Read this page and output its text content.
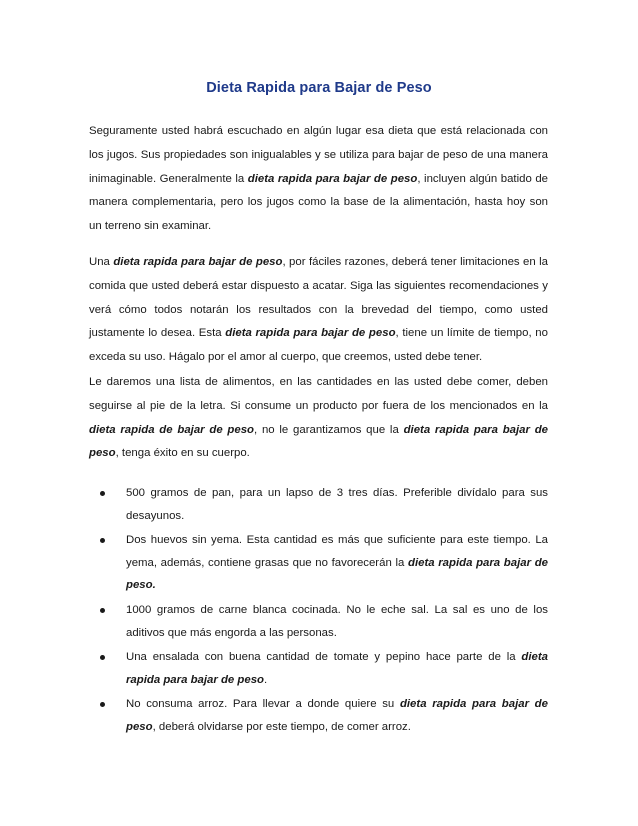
Dieta Rapida para Bajar de Peso
Seguramente usted habrá escuchado en algún lugar esa dieta que está relacionada con los jugos. Sus propiedades son inigualables y se utiliza para bajar de peso de una manera inimaginable. Generalmente la dieta rapida para bajar de peso, incluyen algún batido de manera complementaria, pero los jugos como la base de la alimentación, hasta hoy son un terreno sin examinar.
Una dieta rapida para bajar de peso, por fáciles razones, deberá tener limitaciones en la comida que usted deberá estar dispuesto a acatar. Siga las siguientes recomendaciones y verá cómo todos notarán los resultados con la brevedad del tiempo, como usted justamente lo desea. Esta dieta rapida para bajar de peso, tiene un límite de tiempo, no exceda su uso. Hágalo por el amor al cuerpo, que creemos, usted debe tener.
Le daremos una lista de alimentos, en las cantidades en las usted debe comer, deben seguirse al pie de la letra. Si consume un producto por fuera de los mencionados en la dieta rapida de bajar de peso, no le garantizamos que la dieta rapida para bajar de peso, tenga éxito en su cuerpo.
500 gramos de pan, para un lapso de 3 tres días. Preferible divídalo para sus desayunos.
Dos huevos sin yema. Esta cantidad es más que suficiente para este tiempo. La yema, además, contiene grasas que no favorecerán la dieta rapida para bajar de peso.
1000 gramos de carne blanca cocinada. No le eche sal. La sal es uno de los aditivos que más engorda a las personas.
Una ensalada con buena cantidad de tomate y pepino hace parte de la dieta rapida para bajar de peso.
No consuma arroz. Para llevar a donde quiere su dieta rapida para bajar de peso, deberá olvidarse por este tiempo, de comer arroz.
